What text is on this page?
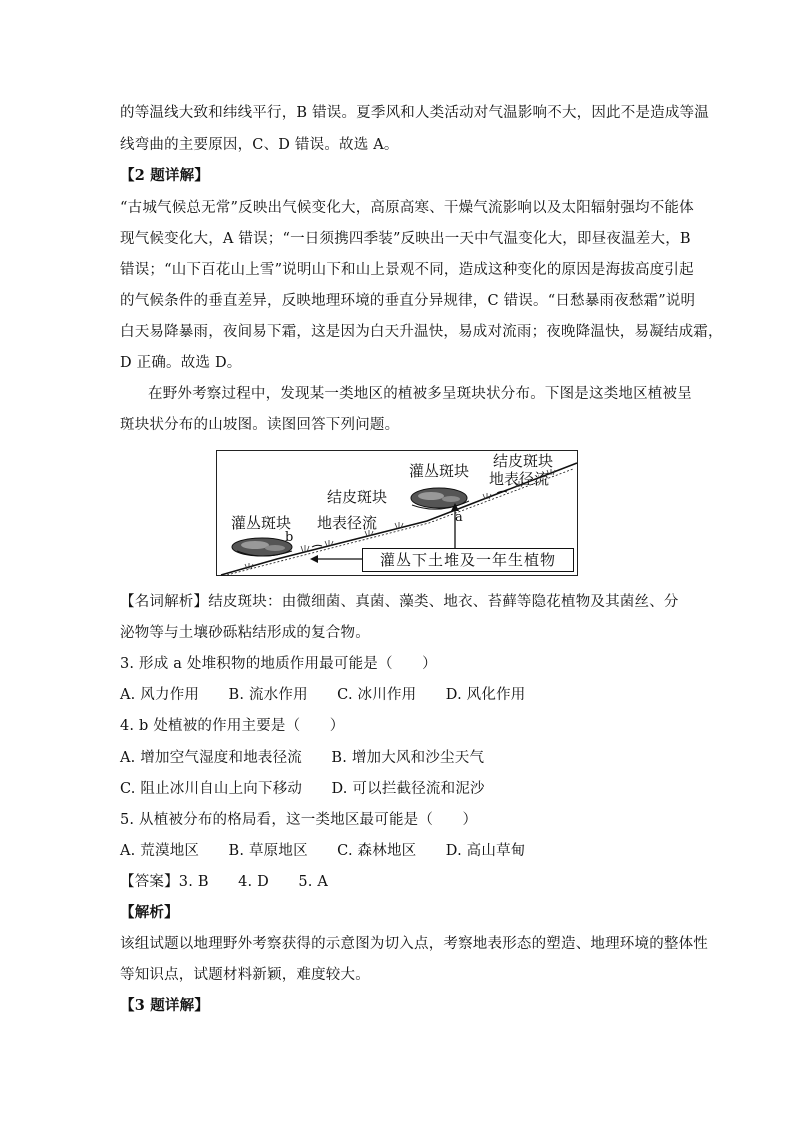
的等温线大致和纬线平行，B 错误。夏季风和人类活动对气温影响不大，因此不是造成等温
线弯曲的主要原因，C、D 错误。故选 A。
【2 题详解】
“古城气候总无常”反映出气候变化大，高原高寒、干燥气流影响以及太阳辐射强均不能体
现气候变化大，A 错误；“一日须携四季装”反映出一天中气温变化大，即昼夜温差大，B
错误；“山下百花山上雪”说明山下和山上景观不同，造成这种变化的原因是海拔高度引起
的气候条件的垂直差异，反映地理环境的垂直分异规律，C 错误。“日愁暴雨夜愁霜”说明
白天易降暴雨，夜间易下霜，这是因为白天升温快，易成对流雨；夜晚降温快，易凝结成霜，
D 正确。故选 D。
在野外考察过程中，发现某一类地区的植被多呈斑块状分布。下图是这类地区植被呈
斑块状分布的山坡图。读图回答下列问题。
灌丛斑块
b
结皮斑块
地表径流
灌丛斑块
a
结皮斑块
地表径流
灌丛下土堆及一年生植物
【名词解析】结皮斑块：由微细菌、真菌、藻类、地衣、苔藓等隐花植物及其菌丝、分
泌物等与土壤砂砾粘结形成的复合物。
3. 形成 a 处堆积物的地质作用最可能是（　　）
A. 风力作用　　B. 流水作用　　C. 冰川作用　　D. 风化作用
4. b 处植被的作用主要是（　　）
A. 增加空气湿度和地表径流　　B. 增加大风和沙尘天气
C. 阻止冰川自山上向下移动　　D. 可以拦截径流和泥沙
5. 从植被分布的格局看，这一类地区最可能是（　　）
A. 荒漠地区　　B. 草原地区　　C. 森林地区　　D. 高山草甸
【答案】3. B　　4. D　　5. A
【解析】
该组试题以地理野外考察获得的示意图为切入点，考察地表形态的塑造、地理环境的整体性
等知识点，试题材料新颖，难度较大。
【3 题详解】
